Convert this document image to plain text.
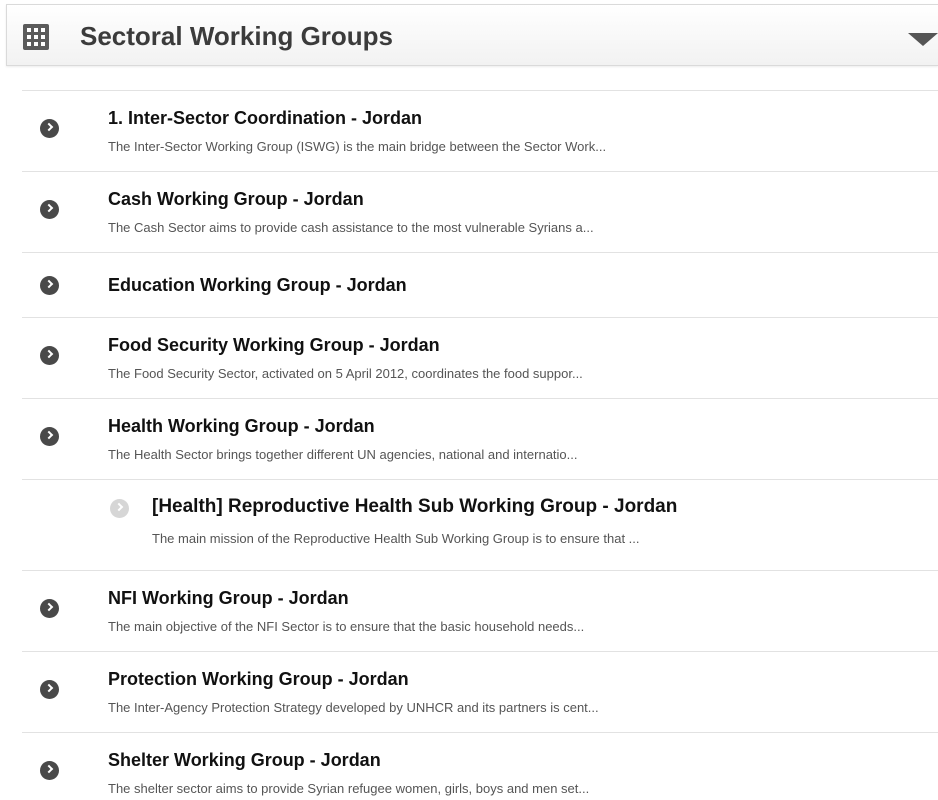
Sectoral Working Groups
1. Inter-Sector Coordination - Jordan
The Inter-Sector Working Group (ISWG) is the main bridge between the Sector Work...
Cash Working Group - Jordan
The Cash Sector aims to provide cash assistance to the most vulnerable Syrians a...
Education Working Group - Jordan
Food Security Working Group - Jordan
The Food Security Sector, activated on 5 April 2012, coordinates the food suppor...
Health Working Group - Jordan
The Health Sector brings together different UN agencies, national and internatio...
[Health] Reproductive Health Sub Working Group - Jordan
The main mission of the Reproductive Health Sub Working Group is to ensure that ...
NFI Working Group - Jordan
The main objective of the NFI Sector is to ensure that the basic household needs...
Protection Working Group - Jordan
The Inter-Agency Protection Strategy developed by UNHCR and its partners is cent...
Shelter Working Group - Jordan
The shelter sector aims to provide Syrian refugee women, girls, boys and men set...
